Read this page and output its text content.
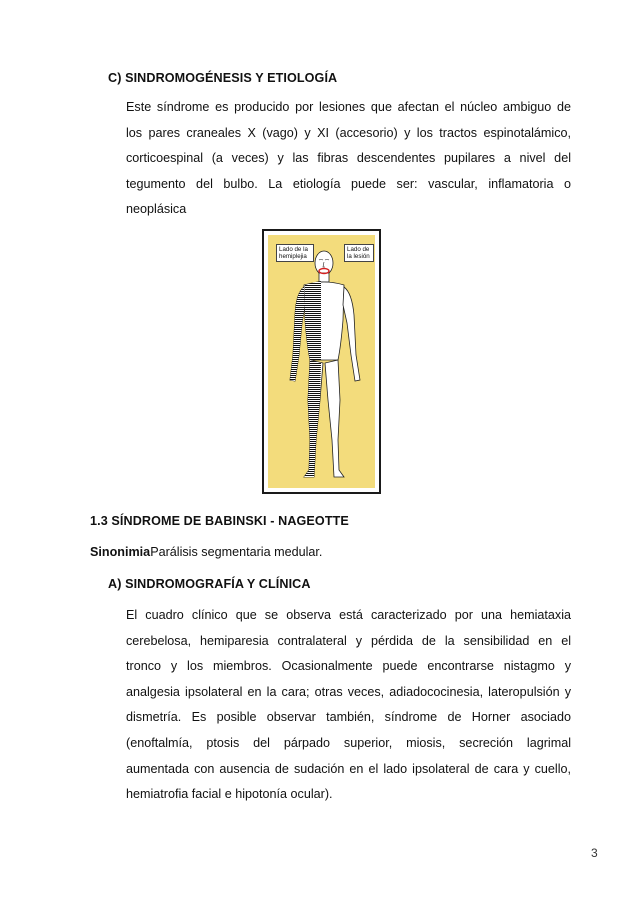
C) SINDROMOGÉNESIS Y ETIOLOGÍA
Este síndrome es producido por lesiones que afectan el núcleo ambiguo de
los pares craneales X (vago) y XI (accesorio) y los tractos espinotalámico,
corticoespinal (a veces) y las fibras descendentes pupilares a nivel del
tegumento del bulbo. La etiología puede ser: vascular, inflamatoria o
neoplásica
Lado de la hemiplejia
Lado de la lesión
1.3 SÍNDROME DE BABINSKI - NAGEOTTE
SinonimiaParálisis segmentaria medular.
A) SINDROMOGRAFÍA Y CLÍNICA
El cuadro clínico que se observa está caracterizado por una hemiataxia
cerebelosa, hemiparesia contralateral y pérdida de la sensibilidad en el
tronco y los miembros. Ocasionalmente puede encontrarse nistagmo y
analgesia ipsolateral en la cara; otras veces, adiadococinesia, lateropulsión y
dismetría. Es posible observar también, síndrome de Horner asociado
(enoftalmía, ptosis del párpado superior, miosis, secreción lagrimal
aumentada con ausencia de sudación en el lado ipsolateral de cara y cuello,
hemiatrofia facial e hipotonía ocular).
3
